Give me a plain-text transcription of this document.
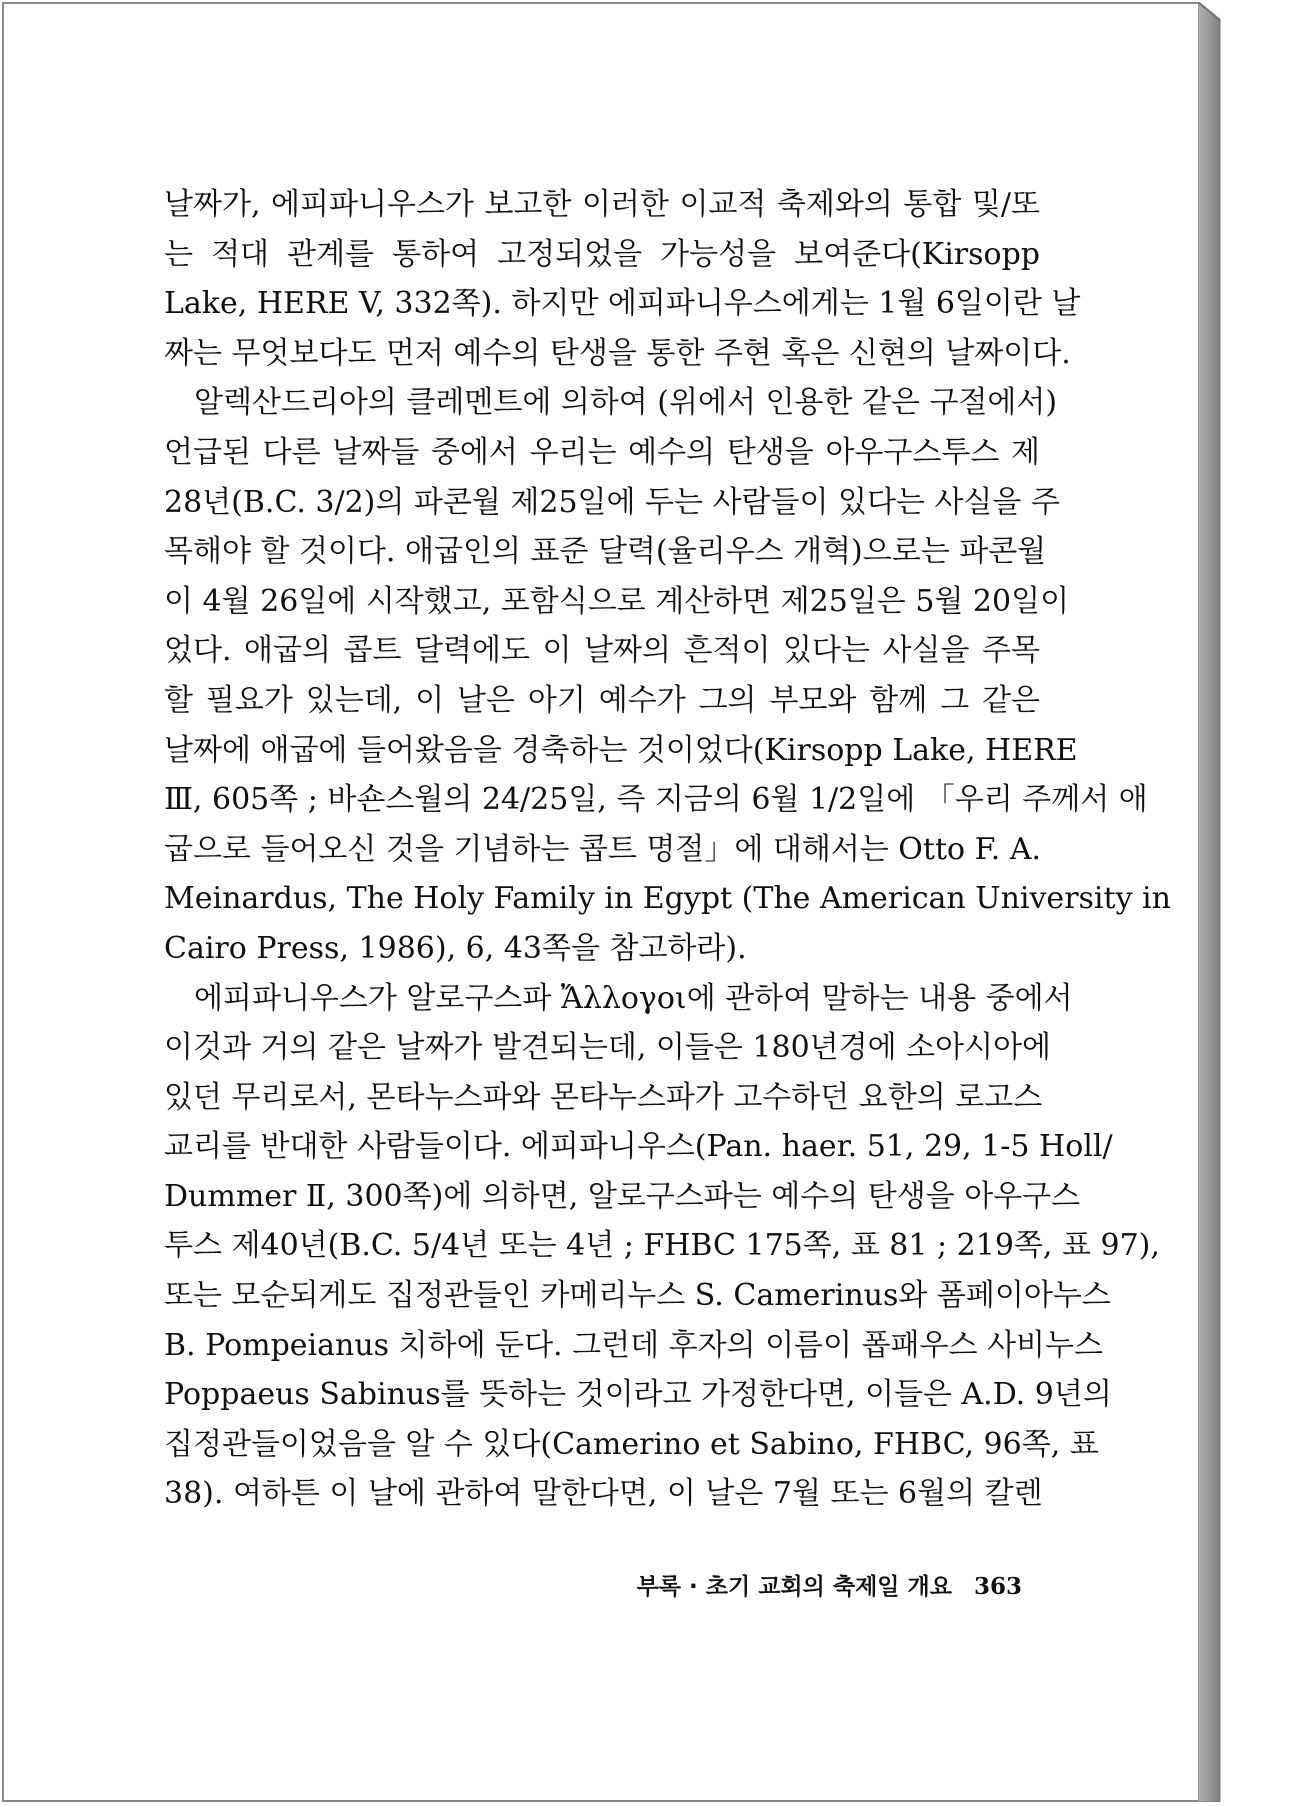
날짜가, 에피파니우스가 보고한 이러한 이교적 축제와의 통합 및/또
는 적대 관계를 통하여 고정되었을 가능성을 보여준다(Kirsopp
Lake, HERE V, 332쪽). 하지만 에피파니우스에게는 1월 6일이란 날
짜는 무엇보다도 먼저 예수의 탄생을 통한 주현 혹은 신현의 날짜이다.
알렉산드리아의 클레멘트에 의하여 (위에서 인용한 같은 구절에서)
언급된 다른 날짜들 중에서 우리는 예수의 탄생을 아우구스투스 제
28년(B.C. 3/2)의 파콘월 제25일에 두는 사람들이 있다는 사실을 주
목해야 할 것이다. 애굽인의 표준 달력(율리우스 개혁)으로는 파콘월
이 4월 26일에 시작했고, 포함식으로 계산하면 제25일은 5월 20일이
었다. 애굽의 콥트 달력에도 이 날짜의 흔적이 있다는 사실을 주목
할 필요가 있는데, 이 날은 아기 예수가 그의 부모와 함께 그 같은
날짜에 애굽에 들어왔음을 경축하는 것이었다(Kirsopp Lake, HERE
Ⅲ, 605쪽 ; 바숀스월의 24/25일, 즉 지금의 6월 1/2일에 「우리 주께서 애
굽으로 들어오신 것을 기념하는 콥트 명절」에 대해서는 Otto F. A.
Meinardus, The Holy Family in Egypt (The American University in
Cairo Press, 1986), 6, 43쪽을 참고하라).
에피파니우스가 알로구스파 Ἄλλογοι에 관하여 말하는 내용 중에서
이것과 거의 같은 날짜가 발견되는데, 이들은 180년경에 소아시아에
있던 무리로서, 몬타누스파와 몬타누스파가 고수하던 요한의 로고스
교리를 반대한 사람들이다. 에피파니우스(Pan. haer. 51, 29, 1-5 Holl/
Dummer Ⅱ, 300쪽)에 의하면, 알로구스파는 예수의 탄생을 아우구스
투스 제40년(B.C. 5/4년 또는 4년 ; FHBC 175쪽, 표 81 ; 219쪽, 표 97),
또는 모순되게도 집정관들인 카메리누스 S. Camerinus와 폼페이아누스
B. Pompeianus 치하에 둔다. 그런데 후자의 이름이 폽패우스 사비누스
Poppaeus Sabinus를 뜻하는 것이라고 가정한다면, 이들은 A.D. 9년의
집정관들이었음을 알 수 있다(Camerino et Sabino, FHBC, 96쪽, 표
38). 여하튼 이 날에 관하여 말한다면, 이 날은 7월 또는 6월의 칼렌
부록 · 초기 교회의 축제일 개요 363
